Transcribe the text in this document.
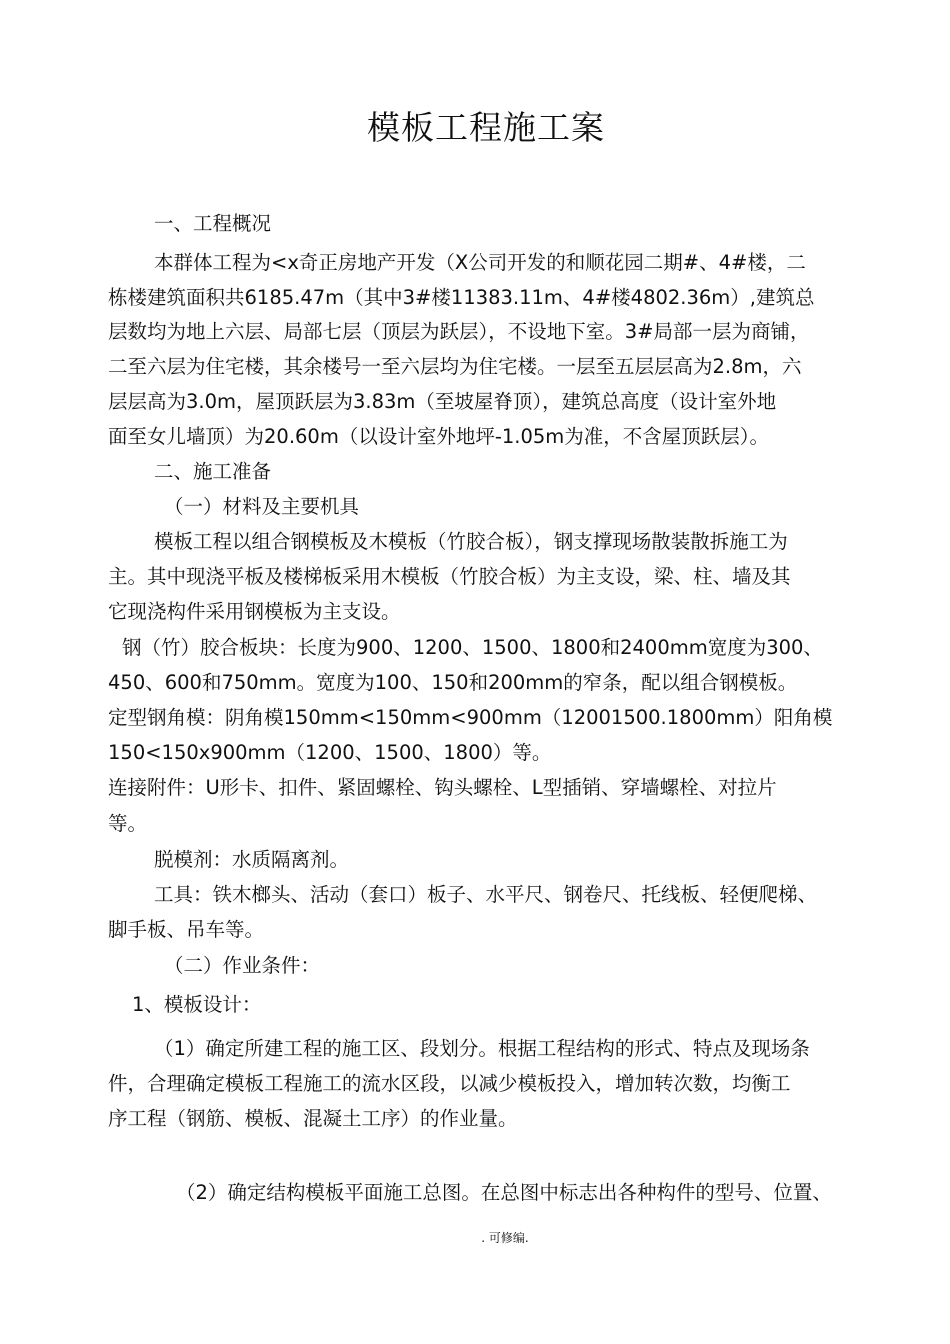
模板工程施工案

一、工程概况

本群体工程为<x奇正房地产开发（X公司开发的和顺花园二期#、4#楼，二

栋楼建筑面积共6185.47m（其中3#楼11383.11m、4#楼4802.36m）,建筑总

层数均为地上六层、局部七层（顶层为跃层），不设地下室。3#局部一层为商铺，

二至六层为住宅楼，其余楼号一至六层均为住宅楼。一层至五层层高为2.8m，六

层层高为3.0m，屋顶跃层为3.83m（至坡屋脊顶），建筑总高度（设计室外地

面至女儿墙顶）为20.60m（以设计室外地坪-1.05m为准，不含屋顶跃层）。

二、施工准备

（一）材料及主要机具

模板工程以组合钢模板及木模板（竹胶合板），钢支撑现场散装散拆施工为

主。其中现浇平板及楼梯板采用木模板（竹胶合板）为主支设，梁、柱、墙及其

它现浇构件采用钢模板为主支设。

钢（竹）胶合板块：长度为900、1200、1500、1800和2400mm宽度为300、

450、600和750mm。宽度为100、150和200mm的窄条，配以组合钢模板。

定型钢角模：阴角模150mm<150mm<900mm（12001500.1800mm）阳角模

150<150x900mm（1200、1500、1800）等。

连接附件：U形卡、扣件、紧固螺栓、钩头螺栓、L型插销、穿墙螺栓、对拉片

等。

脱模剂：水质隔离剂。

工具：铁木榔头、活动（套口）板子、水平尺、钢卷尺、托线板、轻便爬梯、

脚手板、吊车等。

（二）作业条件：

1、模板设计：

（1）确定所建工程的施工区、段划分。根据工程结构的形式、特点及现场条

件，合理确定模板工程施工的流水区段，以减少模板投入，增加转次数，均衡工

序工程（钢筋、模板、混凝土工序）的作业量。

（2）确定结构模板平面施工总图。在总图中标志出各种构件的型号、位置、

. 可修编.
